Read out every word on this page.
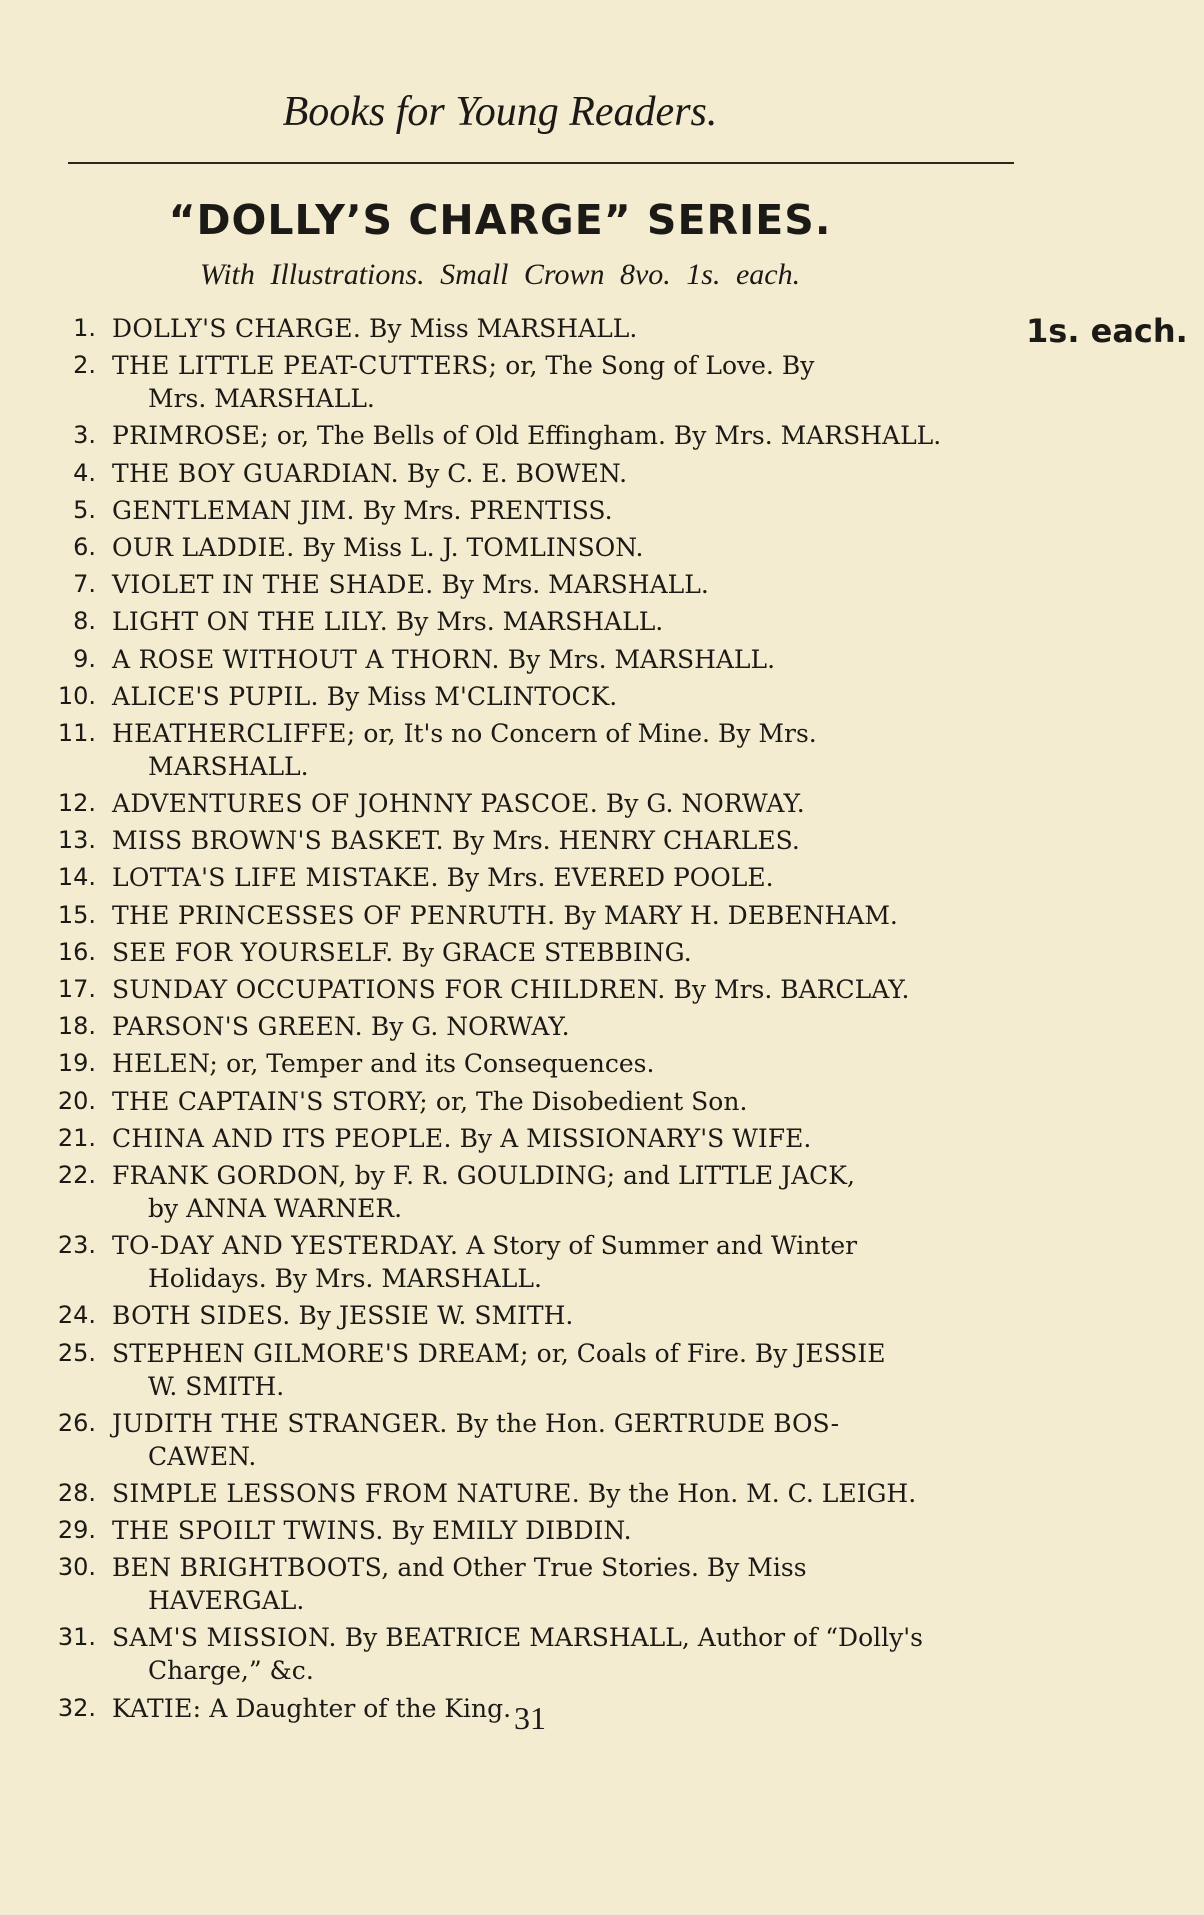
Books for Young Readers.
“DOLLY’S CHARGE” SERIES.
With Illustrations. Small Crown 8vo. 1s. each.
1s. each.
1. DOLLY'S CHARGE. By Miss MARSHALL.
2. THE LITTLE PEAT-CUTTERS; or, The Song of Love. By
Mrs. MARSHALL.
3. PRIMROSE; or, The Bells of Old Effingham. By Mrs. MARSHALL.
4. THE BOY GUARDIAN. By C. E. BOWEN.
5. GENTLEMAN JIM. By Mrs. PRENTISS.
6. OUR LADDIE. By Miss L. J. TOMLINSON.
7. VIOLET IN THE SHADE. By Mrs. MARSHALL.
8. LIGHT ON THE LILY. By Mrs. MARSHALL.
9. A ROSE WITHOUT A THORN. By Mrs. MARSHALL.
10. ALICE'S PUPIL. By Miss M'CLINTOCK.
11. HEATHERCLIFFE; or, It's no Concern of Mine. By Mrs.
MARSHALL.
12. ADVENTURES OF JOHNNY PASCOE. By G. NORWAY.
13. MISS BROWN'S BASKET. By Mrs. HENRY CHARLES.
14. LOTTA'S LIFE MISTAKE. By Mrs. EVERED POOLE.
15. THE PRINCESSES OF PENRUTH. By MARY H. DEBENHAM.
16. SEE FOR YOURSELF. By GRACE STEBBING.
17. SUNDAY OCCUPATIONS FOR CHILDREN. By Mrs. BARCLAY.
18. PARSON'S GREEN. By G. NORWAY.
19. HELEN; or, Temper and its Consequences.
20. THE CAPTAIN'S STORY; or, The Disobedient Son.
21. CHINA AND ITS PEOPLE. By A MISSIONARY'S WIFE.
22. FRANK GORDON, by F. R. GOULDING; and LITTLE JACK,
by ANNA WARNER.
23. TO-DAY AND YESTERDAY. A Story of Summer and Winter
Holidays. By Mrs. MARSHALL.
24. BOTH SIDES. By JESSIE W. SMITH.
25. STEPHEN GILMORE'S DREAM; or, Coals of Fire. By JESSIE
W. SMITH.
26. JUDITH THE STRANGER. By the Hon. GERTRUDE BOS-
CAWEN.
28. SIMPLE LESSONS FROM NATURE. By the Hon. M. C. LEIGH.
29. THE SPOILT TWINS. By EMILY DIBDIN.
30. BEN BRIGHTBOOTS, and Other True Stories. By Miss
HAVERGAL.
31. SAM'S MISSION. By BEATRICE MARSHALL, Author of “Dolly's
Charge,” &c.
32. KATIE: A Daughter of the King. 31
